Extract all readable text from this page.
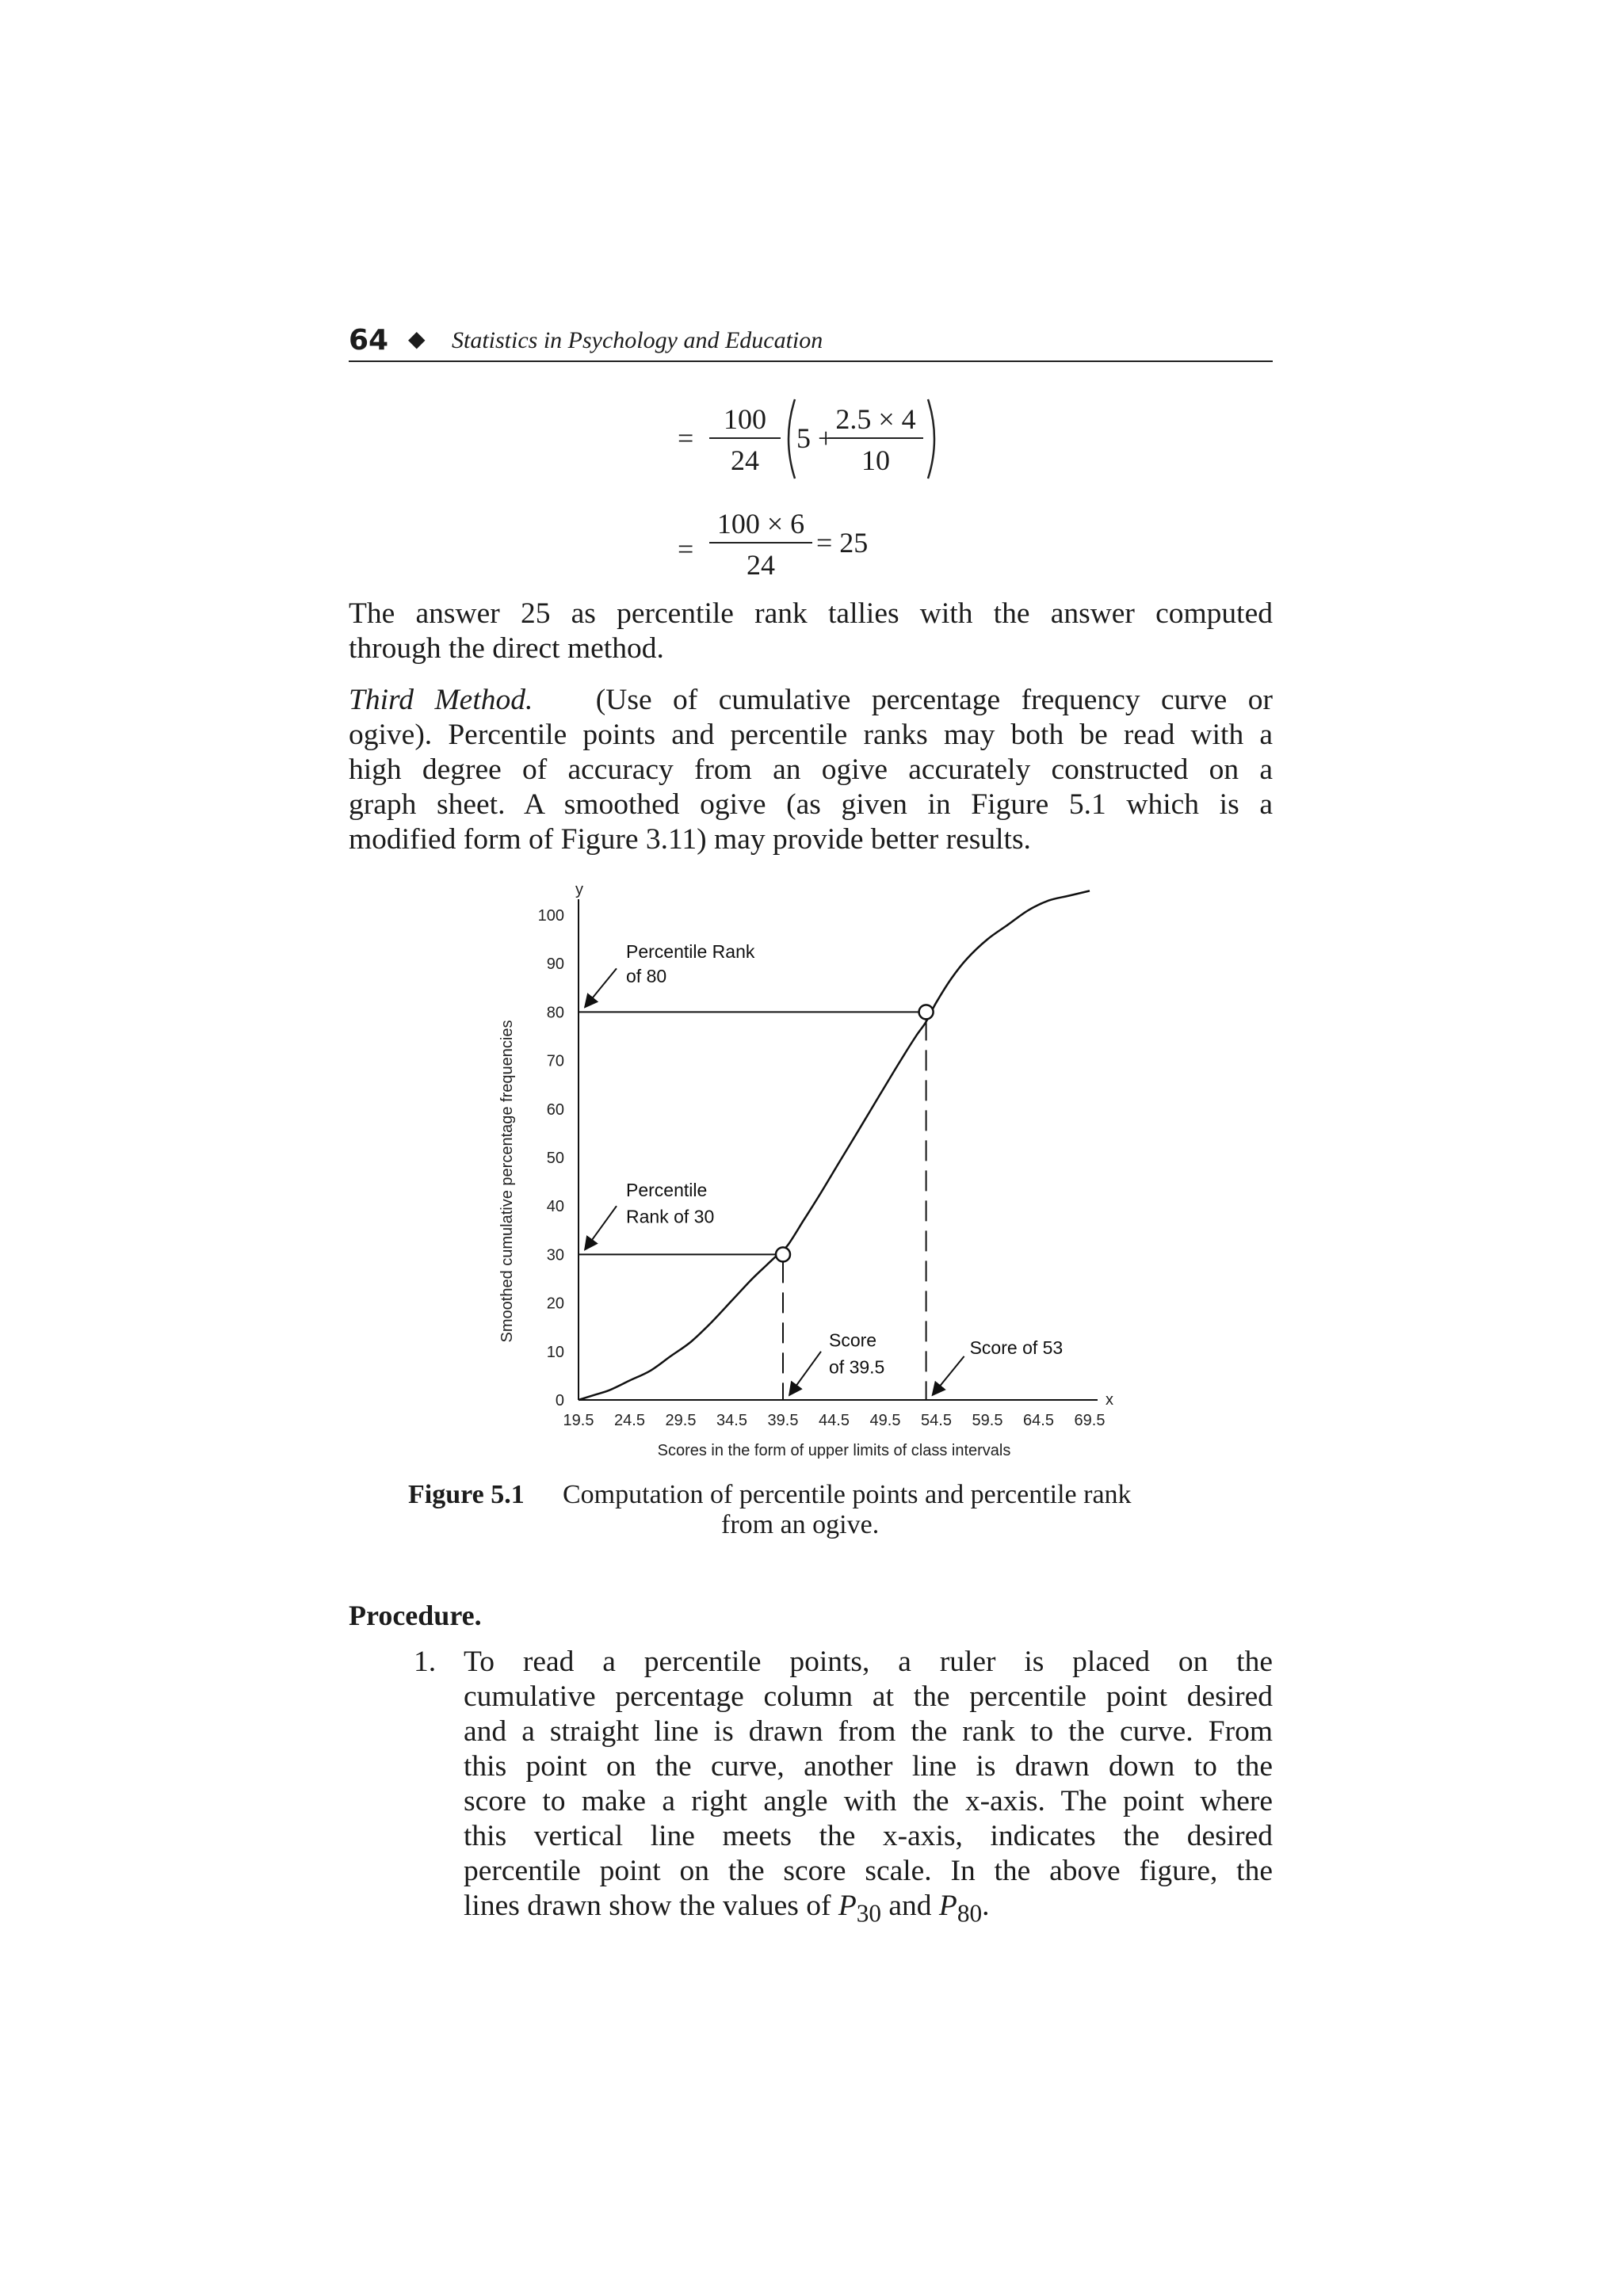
64 ◆ Statistics in Psychology and Education
= $\frac{100}{24} 5$ +
$\frac{2.5 \times 4}{10}$
= $\frac{100 \times 6}{24} = 25$
The answer 25 as percentile rank tallies with the answer computed
through the direct method.
Third Method. (Use of cumulative percentage frequency curve or
ogive). Percentile points and percentile ranks may both be read with a
high degree of accuracy from an ogive accurately constructed on a
graph sheet. A smoothed ogive (as given in Figure 5.1 which is a
modified form of Figure 3.11) may provide better results.
x
y
19.5 24.5 29.5 34.5 39.5 44.5 49.5 54.5 59.5 64.5 69.5
0
10
20
30
40
50
60
70
80
90
100
Scores in the form of upper limits of class intervals
Smoothed cumulative percentage frequencies
Percentile Rank
of 80
Percentile
Rank of 30
Score
of 39.5
Score of 53
Figure 5.1 Computation of percentile points and percentile rank
from an ogive.
Procedure.
1. To read a percentile points, a ruler is placed on the
cumulative percentage column at the percentile point desired
and a straight line is drawn from the rank to the curve. From
this point on the curve, another line is drawn down to the
score to make a right angle with the x-axis. The point where
this vertical line meets the x-axis, indicates the desired
percentile point on the score scale. In the above figure, the
lines drawn show the values of $P_{30}$ and $P_{80}$.
